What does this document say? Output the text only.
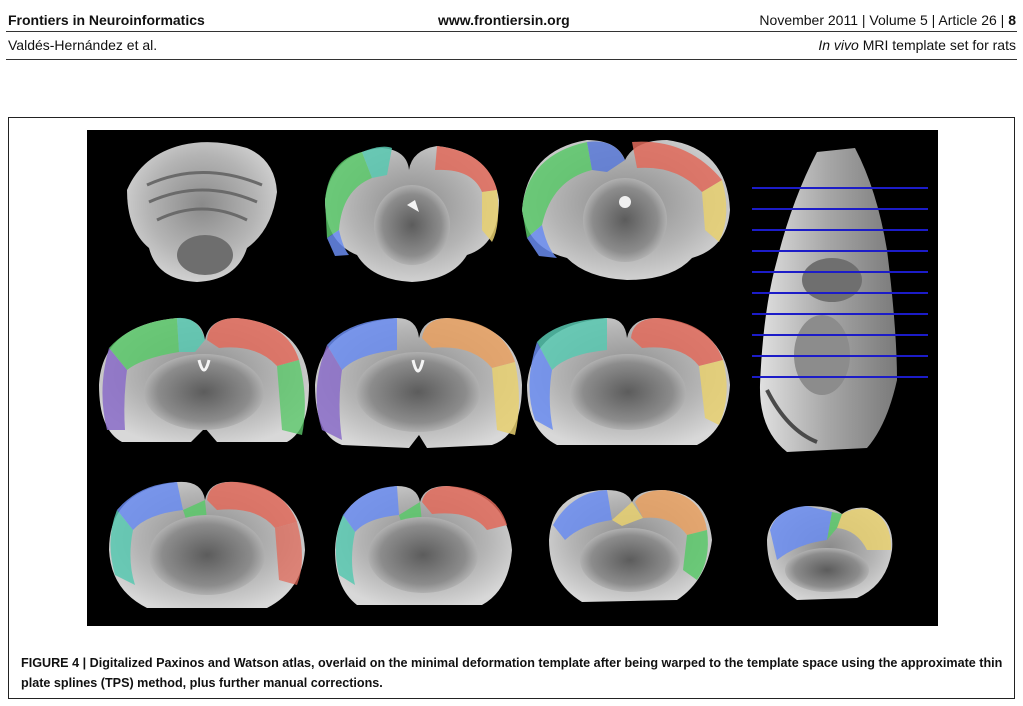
Frontiers in Neuroinformatics	www.frontiersin.org	November 2011 | Volume 5 | Article 26 | 8
Valdés-Hernández et al.	In vivo MRI template set for rats
FIGURE 4 | Digitalized Paxinos and Watson atlas, overlaid on the minimal deformation template after being warped to the template space using the approximate thin plate splines (TPS) method, plus further manual corrections.
